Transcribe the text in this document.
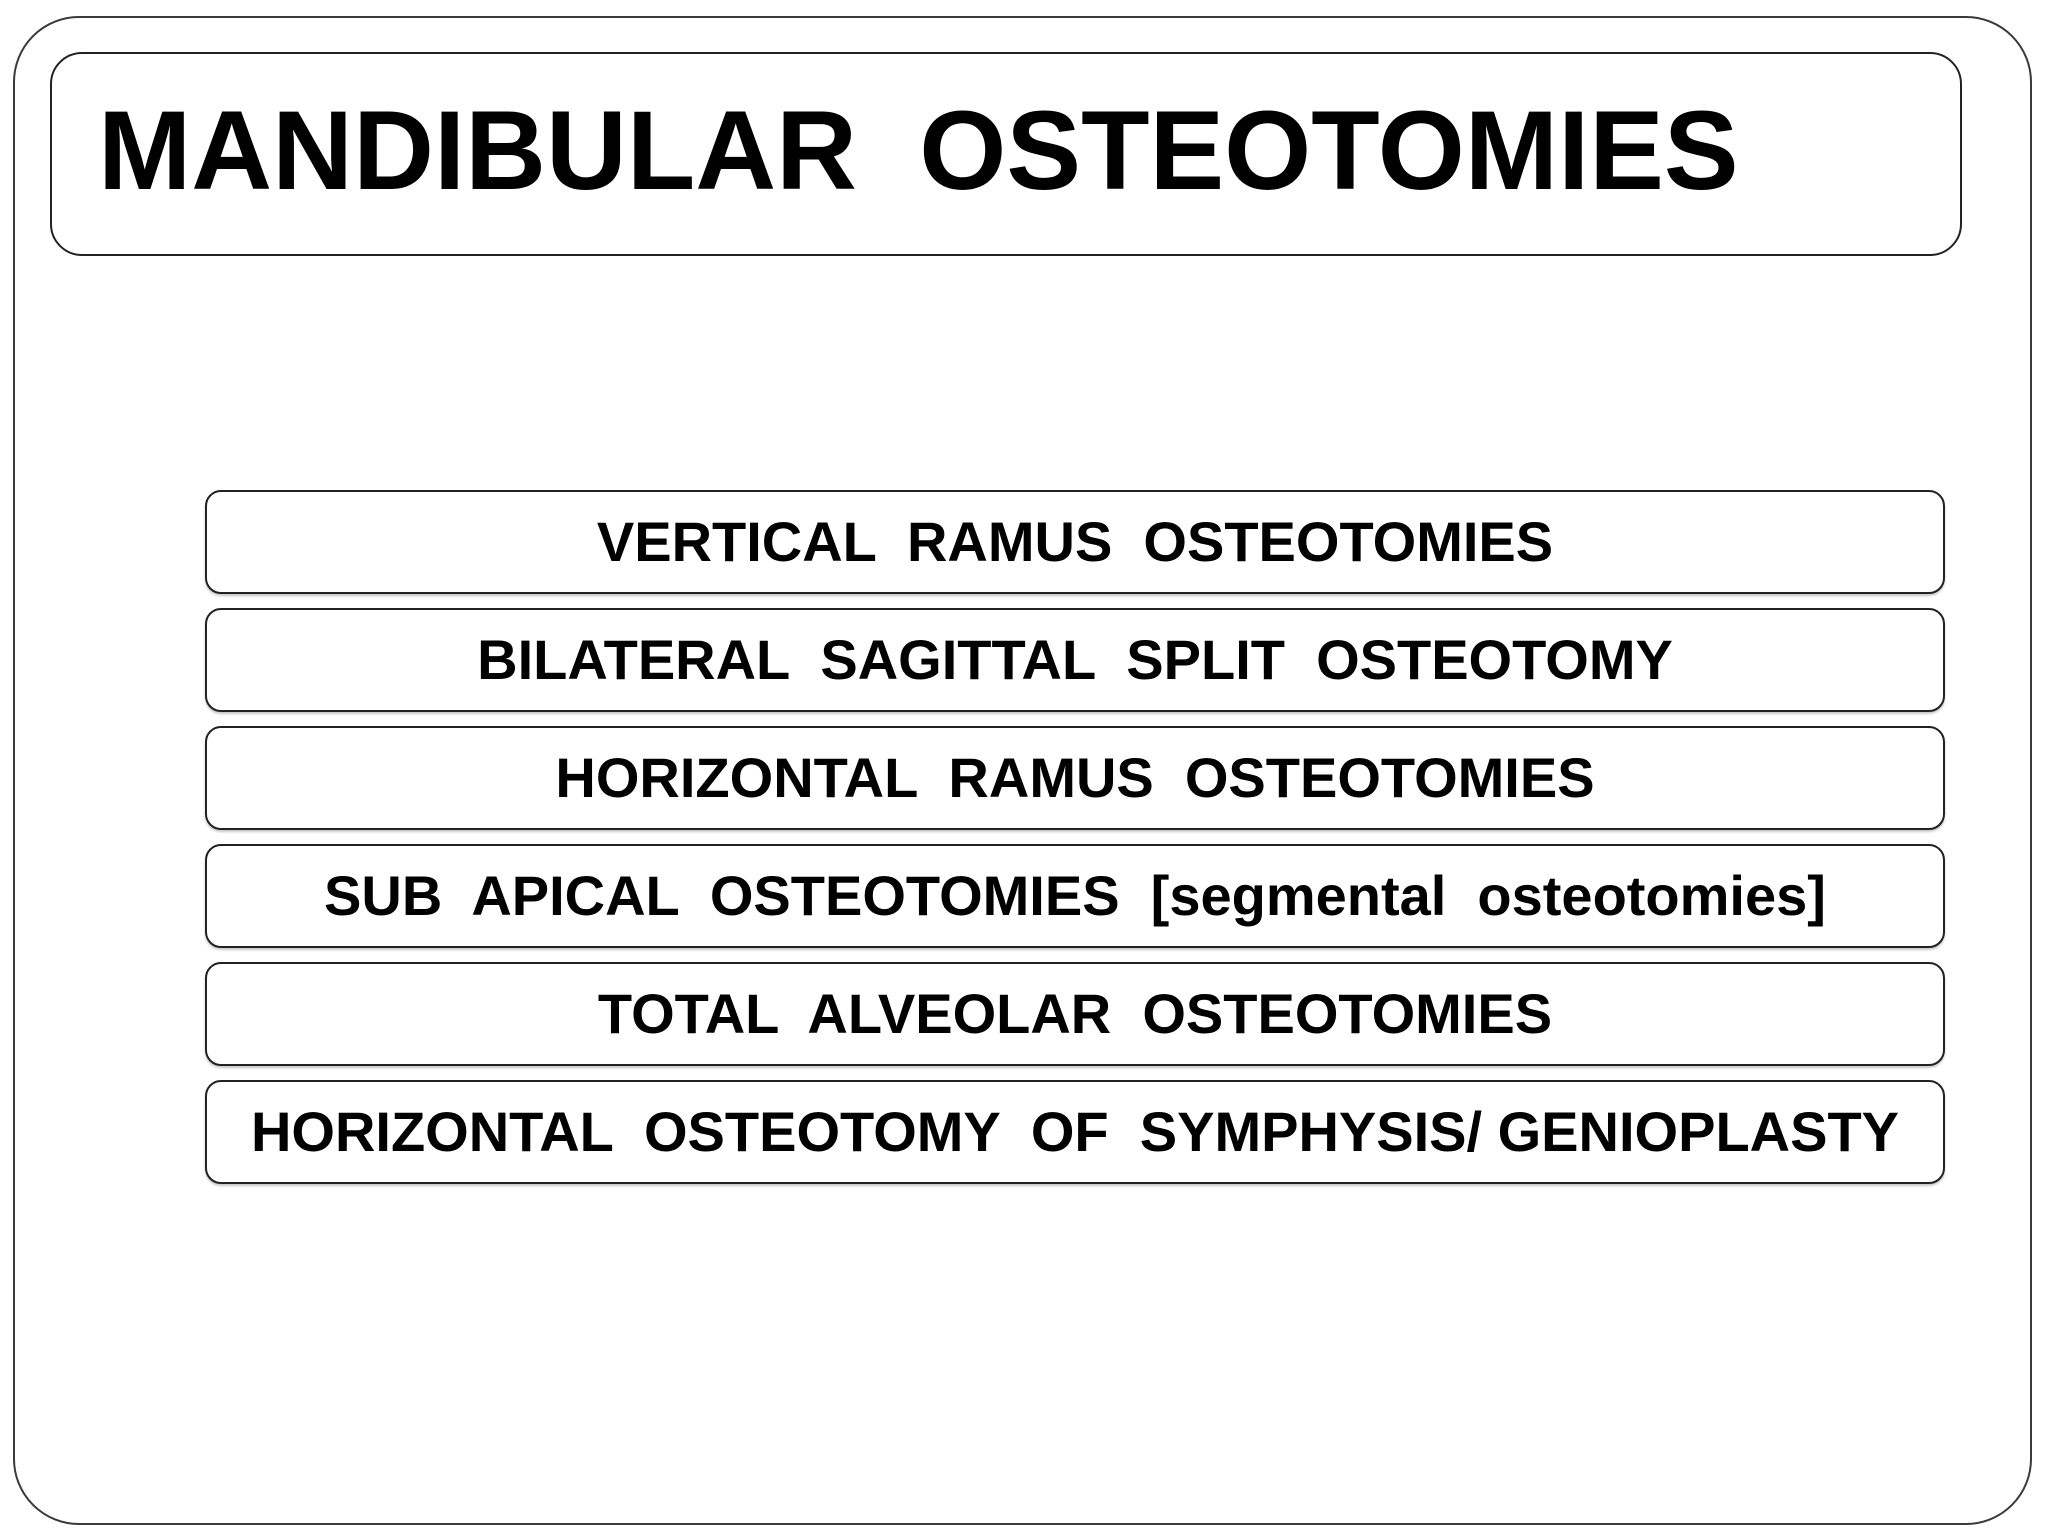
MANDIBULAR  OSTEOTOMIES
VERTICAL  RAMUS  OSTEOTOMIES
BILATERAL  SAGITTAL  SPLIT  OSTEOTOMY
HORIZONTAL  RAMUS  OSTEOTOMIES
SUB  APICAL  OSTEOTOMIES  [segmental  osteotomies]
TOTAL  ALVEOLAR  OSTEOTOMIES
HORIZONTAL  OSTEOTOMY  OF  SYMPHYSIS/ GENIOPLASTY
